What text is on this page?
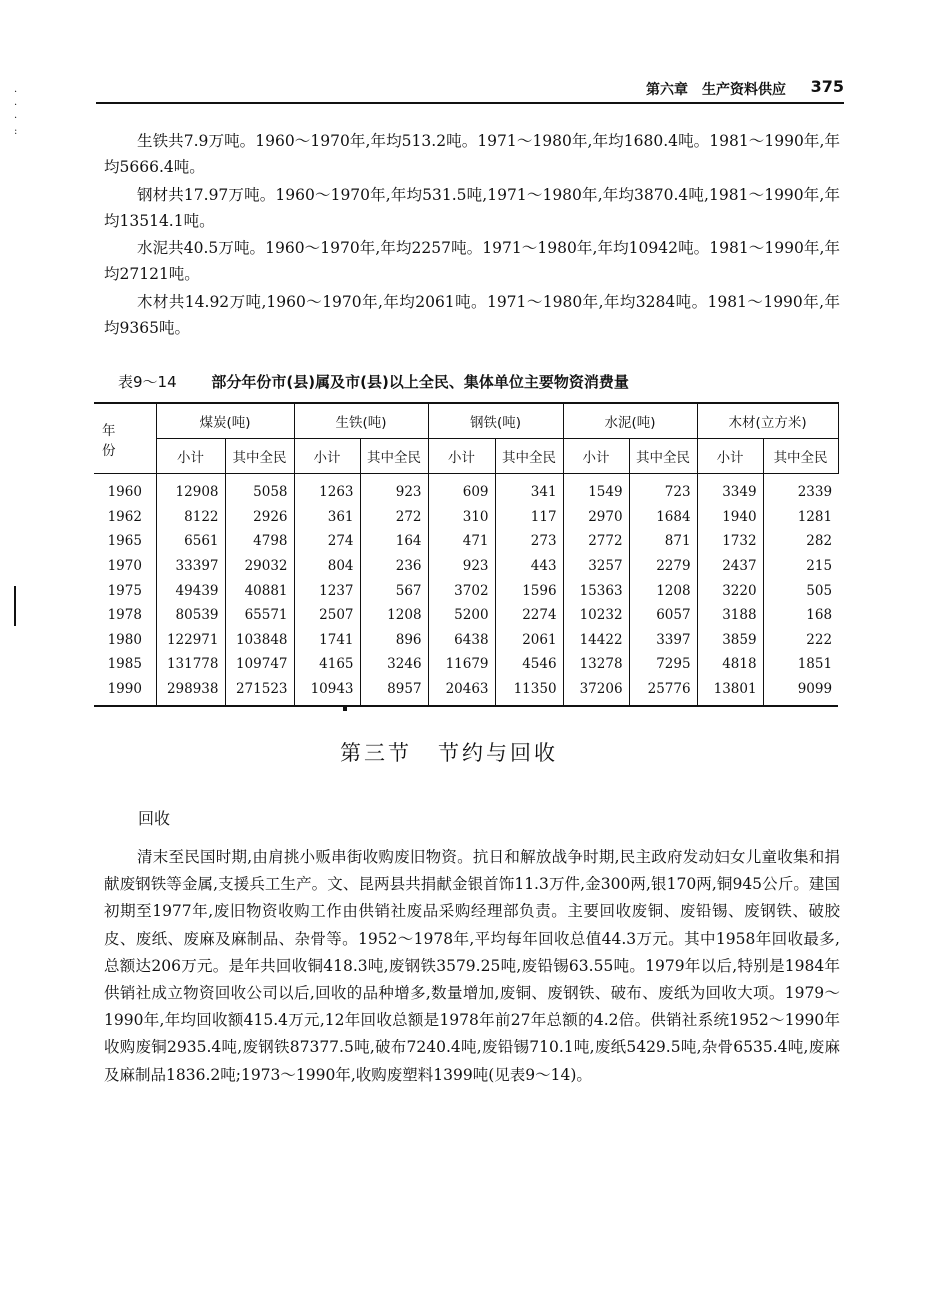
·
·
·
:
第六章　生产资料供应 375

生铁共7.9万吨。1960～1970年,年均513.2吨。1971～1980年,年均1680.4吨。1981～1990年,年均5666.4吨。

钢材共17.97万吨。1960～1970年,年均531.5吨,1971～1980年,年均3870.4吨,1981～1990年,年均13514.1吨。

水泥共40.5万吨。1960～1970年,年均2257吨。1971～1980年,年均10942吨。1981～1990年,年均27121吨。

木材共14.92万吨,1960～1970年,年均2061吨。1971～1980年,年均3284吨。1981～1990年,年均9365吨。

表9～14 部分年份市(县)属及市(县)以上全民、集体单位主要物资消费量
年　份	煤炭(吨)		生铁(吨)		钢铁(吨)		水泥(吨)		木材(立方米)	
	小计	其中全民	小计	其中全民	小计	其中全民	小计	其中全民	小计	其中全民
1960	12908	5058	1263	923	609	341	1549	723	3349	2339
1962	8122	2926	361	272	310	117	2970	1684	1940	1281
1965	6561	4798	274	164	471	273	2772	871	1732	282
1970	33397	29032	804	236	923	443	3257	2279	2437	215
1975	49439	40881	1237	567	3702	1596	15363	1208	3220	505
1978	80539	65571	2507	1208	5200	2274	10232	6057	3188	168
1980	122971	103848	1741	896	6438	2061	14422	3397	3859	222
1985	131778	109747	4165	3246	11679	4546	13278	7295	4818	1851
1990	298938	271523	10943	8957	20463	11350	37206	25776	13801	9099
第三节 节约与回收
回收

清末至民国时期,由肩挑小贩串街收购废旧物资。抗日和解放战争时期,民主政府发动妇女儿童收集和捐献废钢铁等金属,支援兵工生产。文、昆两县共捐献金银首饰11.3万件,金300两,银170两,铜945公斤。建国初期至1977年,废旧物资收购工作由供销社废品采购经理部负责。主要回收废铜、废铅锡、废钢铁、破胶皮、废纸、废麻及麻制品、杂骨等。1952～1978年,平均每年回收总值44.3万元。其中1958年回收最多,总额达206万元。是年共回收铜418.3吨,废钢铁3579.25吨,废铅锡63.55吨。1979年以后,特别是1984年供销社成立物资回收公司以后,回收的品种增多,数量增加,废铜、废钢铁、破布、废纸为回收大项。1979～1990年,年均回收额415.4万元,12年回收总额是1978年前27年总额的4.2倍。供销社系统1952～1990年收购废铜2935.4吨,废钢铁87377.5吨,破布7240.4吨,废铅锡710.1吨,废纸5429.5吨,杂骨6535.4吨,废麻及麻制品1836.2吨;1973～1990年,收购废塑料1399吨(见表9～14)。
